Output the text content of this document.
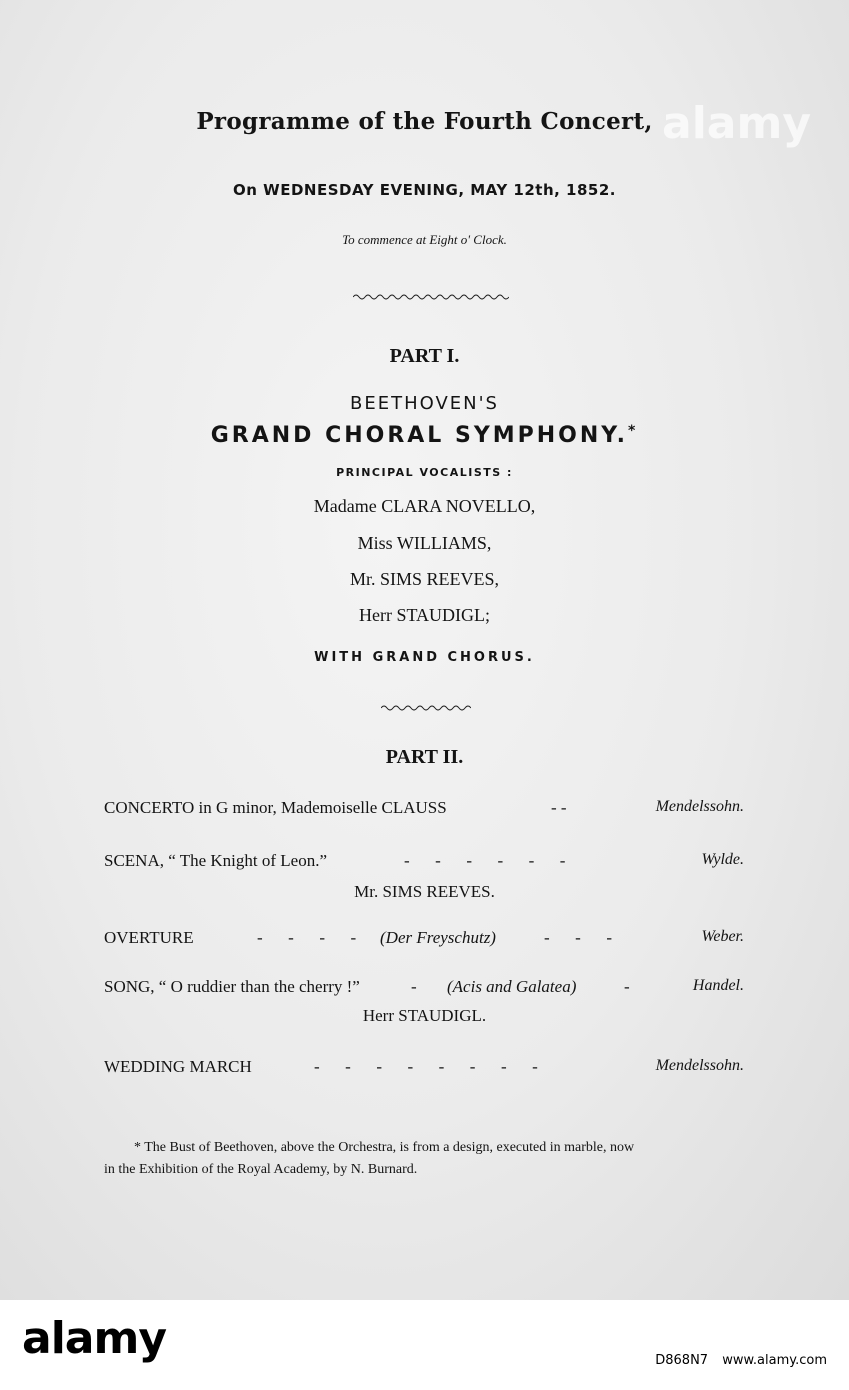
alamy
Programme of the Fourth Concert,
On WEDNESDAY EVENING, MAY 12th, 1852.
To commence at Eight o' Clock.
PART I.
BEETHOVEN'S
GRAND CHORAL SYMPHONY.*
PRINCIPAL VOCALISTS :
Madame CLARA NOVELLO,
Miss WILLIAMS,
Mr. SIMS REEVES,
Herr STAUDIGL;
WITH GRAND CHORUS.
PART II.
CONCERTO in G minor, Mademoiselle CLAUSS	- -	Mendelssohn.
SCENA, “ The Knight of Leon.”	-      -      -      -      -      -	Wylde.
Mr. SIMS REEVES.
OVERTURE	-      -      -      - (Der Freyschutz)	-      -      -	Weber.
SONG, “ O ruddier than the cherry !”	- (Acis and Galatea)	-	Handel.
Herr STAUDIGL.
WEDDING MARCH	-      -      -      -      -      -      -      -	Mendelssohn.
* The Bust of Beethoven, above the Orchestra, is from a design, executed in marble, now
in the Exhibition of the Royal Academy, by N. Burnard.
alamy	D868N7 www.alamy.com
